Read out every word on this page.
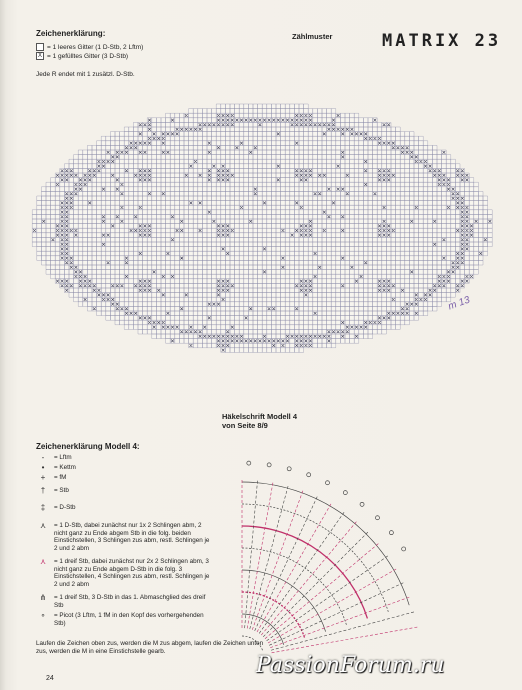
Zeichenerklärung:
= 1 leeres Gitter (1 D-Stb, 2 Lftm)
X = 1 gefülltes Gitter (3 D-Stb)
Jede R endet mit 1 zusätzl. D-Stb.
Zählmuster	MATRIX 23
m 13
Häkelschrift Modell 4
von Seite 8/9
Zeichenerklärung Modell 4:
-	= Lftm
•	= Kettm
+	= fM
†	= Stb
‡	= D-Stb
⋏	= 1 D-Stb, dabei zunächst nur 1x 2 Schlingen abm, 2 nicht ganz zu Ende abgem Stb in die folg. beiden Einstichstellen, 3 Schlingen zus abm, restl. Schlingen je 2 und 2 abm
⋏	= 1 dreif Stb, dabei zunächst nur 2x 2 Schlingen abm, 3 nicht ganz zu Ende abgem D-Stb in die folg. 3 Einstichstellen, 4 Schlingen zus abm, restl. Schlingen je 2 und 2 abm
⋔	= 1 dreif Stb, 3 D-Stb in das 1. Abmaschglied des dreif Stb
∘	= Picot (3 Lftm, 1 fM in den Kopf des vorhergehenden Stb)
Laufen die Zeichen oben zus, werden die M zus abgem, laufen die Zeichen unten zus, werden die M in eine Einstichstelle gearb.
24
PassionForum.ru
